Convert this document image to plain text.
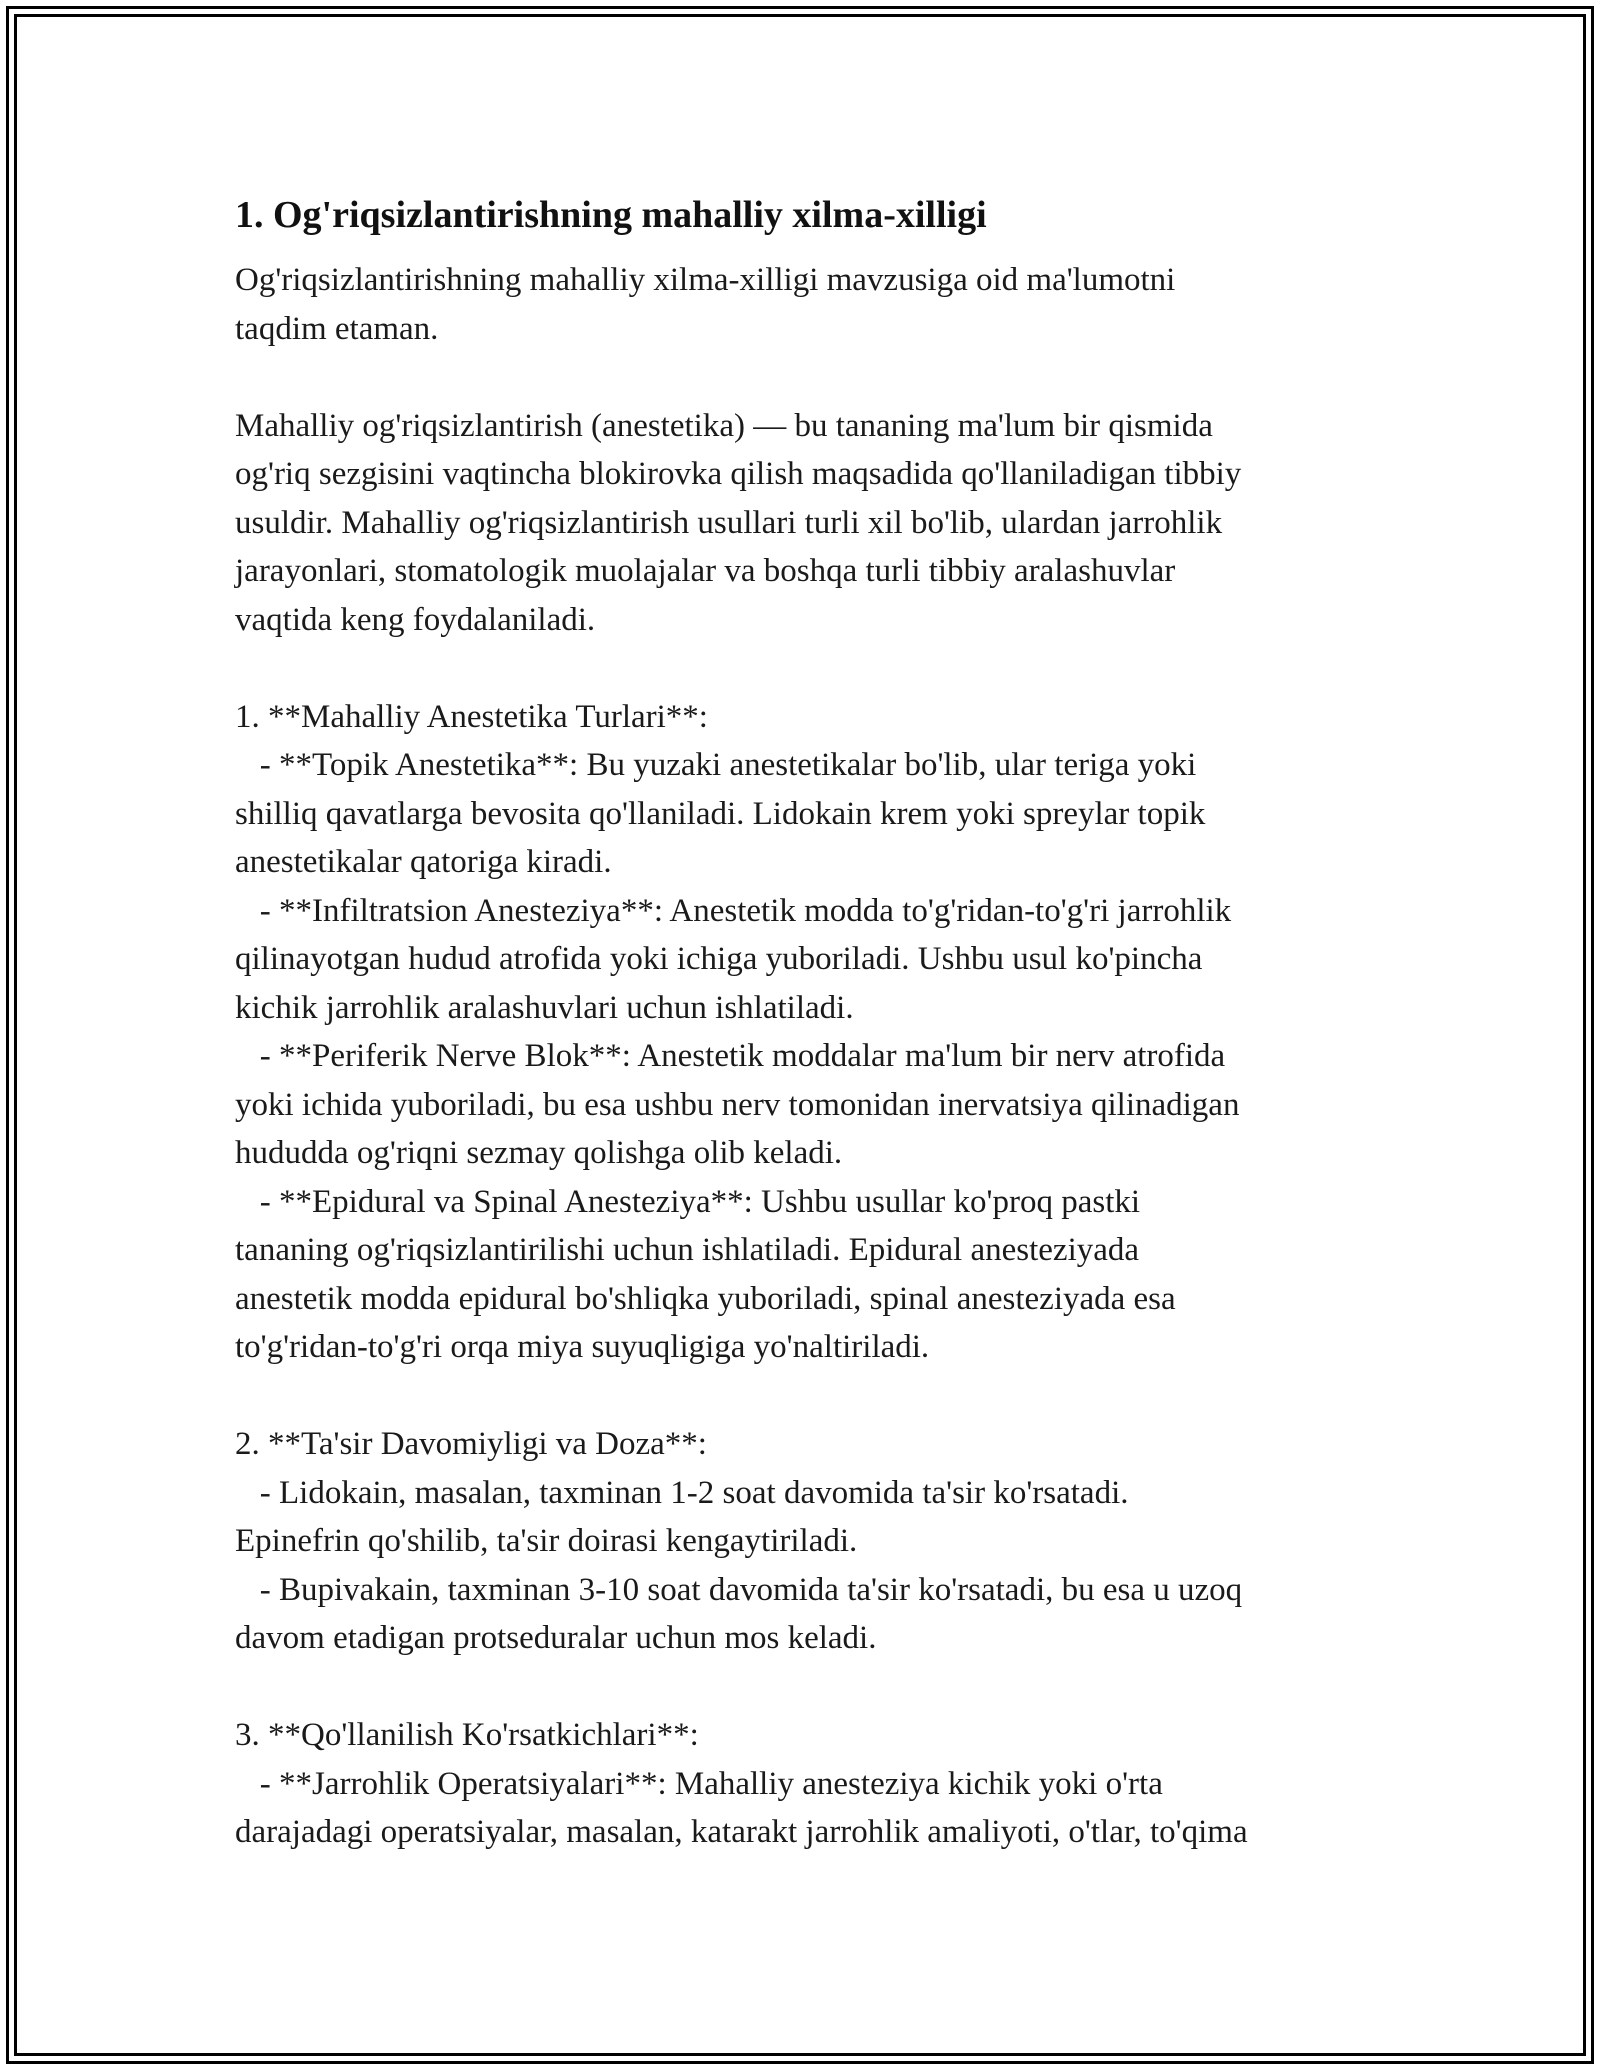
1. Og'riqsizlantirishning mahalliy xilma-xilligi

Og'riqsizlantirishning mahalliy xilma-xilligi mavzusiga oid ma'lumotni

taqdim etaman.

Mahalliy og'riqsizlantirish (anestetika) — bu tananing ma'lum bir qismida

og'riq sezgisini vaqtincha blokirovka qilish maqsadida qo'llaniladigan tibbiy

usuldir. Mahalliy og'riqsizlantirish usullari turli xil bo'lib, ulardan jarrohlik

jarayonlari, stomatologik muolajalar va boshqa turli tibbiy aralashuvlar

vaqtida keng foydalaniladi.

1. **Mahalliy Anestetika Turlari**:

- **Topik Anestetika**: Bu yuzaki anestetikalar bo'lib, ular teriga yoki

shilliq qavatlarga bevosita qo'llaniladi. Lidokain krem yoki spreylar topik

anestetikalar qatoriga kiradi.

- **Infiltratsion Anesteziya**: Anestetik modda to'g'ridan-to'g'ri jarrohlik

qilinayotgan hudud atrofida yoki ichiga yuboriladi. Ushbu usul ko'pincha

kichik jarrohlik aralashuvlari uchun ishlatiladi.

- **Periferik Nerve Blok**: Anestetik moddalar ma'lum bir nerv atrofida

yoki ichida yuboriladi, bu esa ushbu nerv tomonidan inervatsiya qilinadigan

hududda og'riqni sezmay qolishga olib keladi.

- **Epidural va Spinal Anesteziya**: Ushbu usullar ko'proq pastki

tananing og'riqsizlantirilishi uchun ishlatiladi. Epidural anesteziyada

anestetik modda epidural bo'shliqka yuboriladi, spinal anesteziyada esa

to'g'ridan-to'g'ri orqa miya suyuqligiga yo'naltiriladi.

2. **Ta'sir Davomiyligi va Doza**:

- Lidokain, masalan, taxminan 1-2 soat davomida ta'sir ko'rsatadi.

Epinefrin qo'shilib, ta'sir doirasi kengaytiriladi.

- Bupivakain, taxminan 3-10 soat davomida ta'sir ko'rsatadi, bu esa u uzoq

davom etadigan protseduralar uchun mos keladi.

3. **Qo'llanilish Ko'rsatkichlari**:

- **Jarrohlik Operatsiyalari**: Mahalliy anesteziya kichik yoki o'rta

darajadagi operatsiyalar, masalan, katarakt jarrohlik amaliyoti, o'tlar, to'qima
